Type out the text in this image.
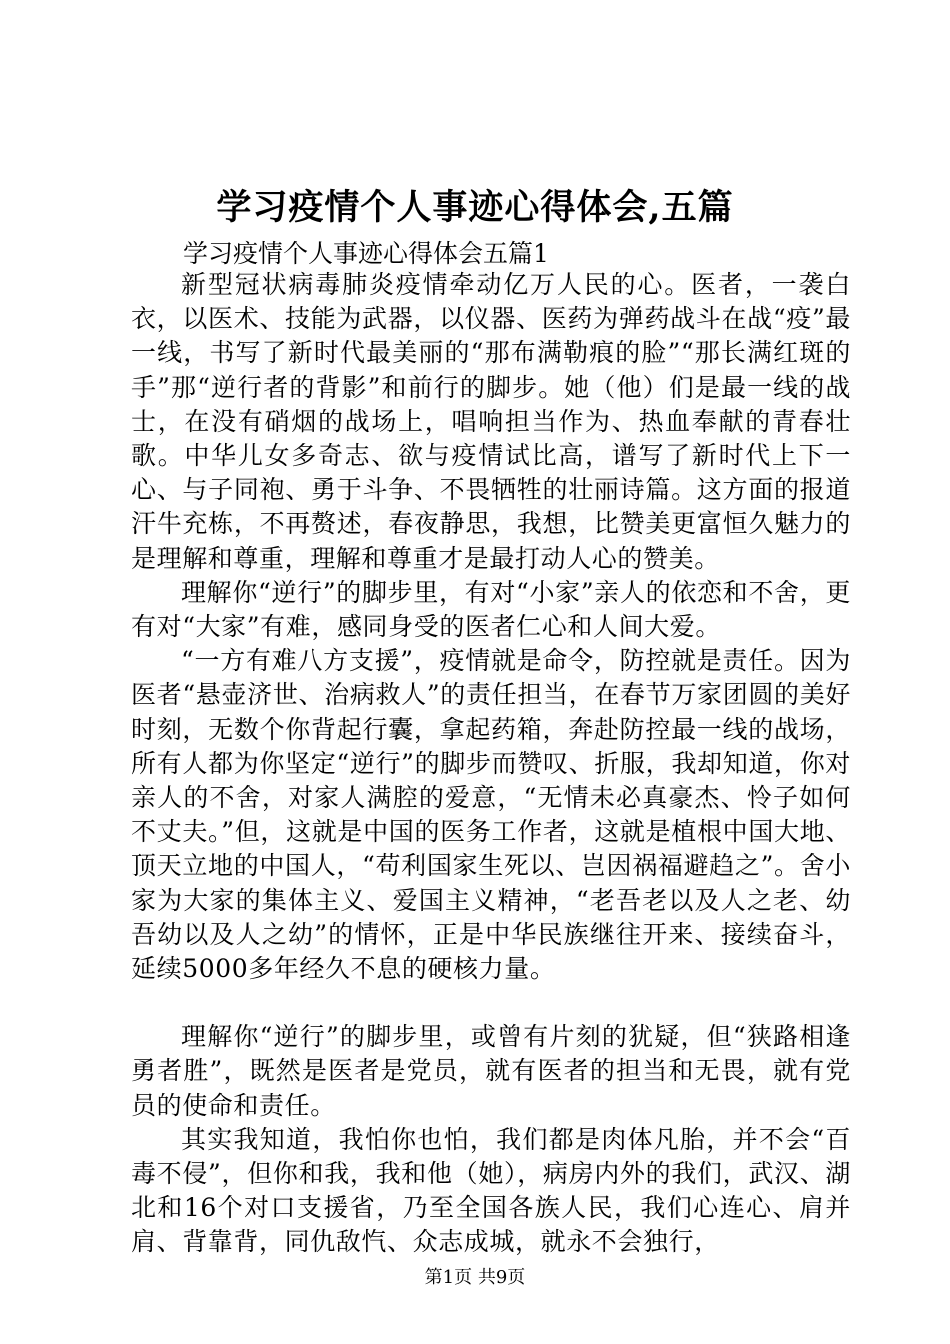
学习疫情个人事迹心得体会,五篇
学习疫情个人事迹心得体会五篇1

新型冠状病毒肺炎疫情牵动亿万人民的心。医者，一袭白衣，以医术、技能为武器，以仪器、医药为弹药战斗在战“疫”最一线，书写了新时代最美丽的“那布满勒痕的脸”“那长满红斑的手”那“逆行者的背影”和前行的脚步。她（他）们是最一线的战士，在没有硝烟的战场上，唱响担当作为、热血奉献的青春壮歌。中华儿女多奇志、欲与疫情试比高，谱写了新时代上下一心、与子同袍、勇于斗争、不畏牺牲的壮丽诗篇。这方面的报道汗牛充栋，不再赘述，春夜静思，我想，比赞美更富恒久魅力的是理解和尊重，理解和尊重才是最打动人心的赞美。

理解你“逆行”的脚步里，有对“小家”亲人的依恋和不舍，更有对“大家”有难，感同身受的医者仁心和人间大爱。

“一方有难八方支援”，疫情就是命令，防控就是责任。因为医者“悬壶济世、治病救人”的责任担当，在春节万家团圆的美好时刻，无数个你背起行囊，拿起药箱，奔赴防控最一线的战场，所有人都为你坚定“逆行”的脚步而赞叹、折服，我却知道，你对亲人的不舍，对家人满腔的爱意，“无情未必真豪杰、怜子如何不丈夫。”但，这就是中国的医务工作者，这就是植根中国大地、顶天立地的中国人，“苟利国家生死以、岂因祸福避趋之”。舍小家为大家的集体主义、爱国主义精神，“老吾老以及人之老、幼吾幼以及人之幼”的情怀，正是中华民族继往开来、接续奋斗，延续5000多年经久不息的硬核力量。

理解你“逆行”的脚步里，或曾有片刻的犹疑，但“狭路相逢勇者胜”，既然是医者是党员，就有医者的担当和无畏，就有党员的使命和责任。

其实我知道，我怕你也怕，我们都是肉体凡胎，并不会“百毒不侵”，但你和我，我和他（她），病房内外的我们，武汉、湖北和16个对口支援省，乃至全国各族人民，我们心连心、肩并肩、背靠背，同仇敌忾、众志成城，就永不会独行，

第1页 共9页
